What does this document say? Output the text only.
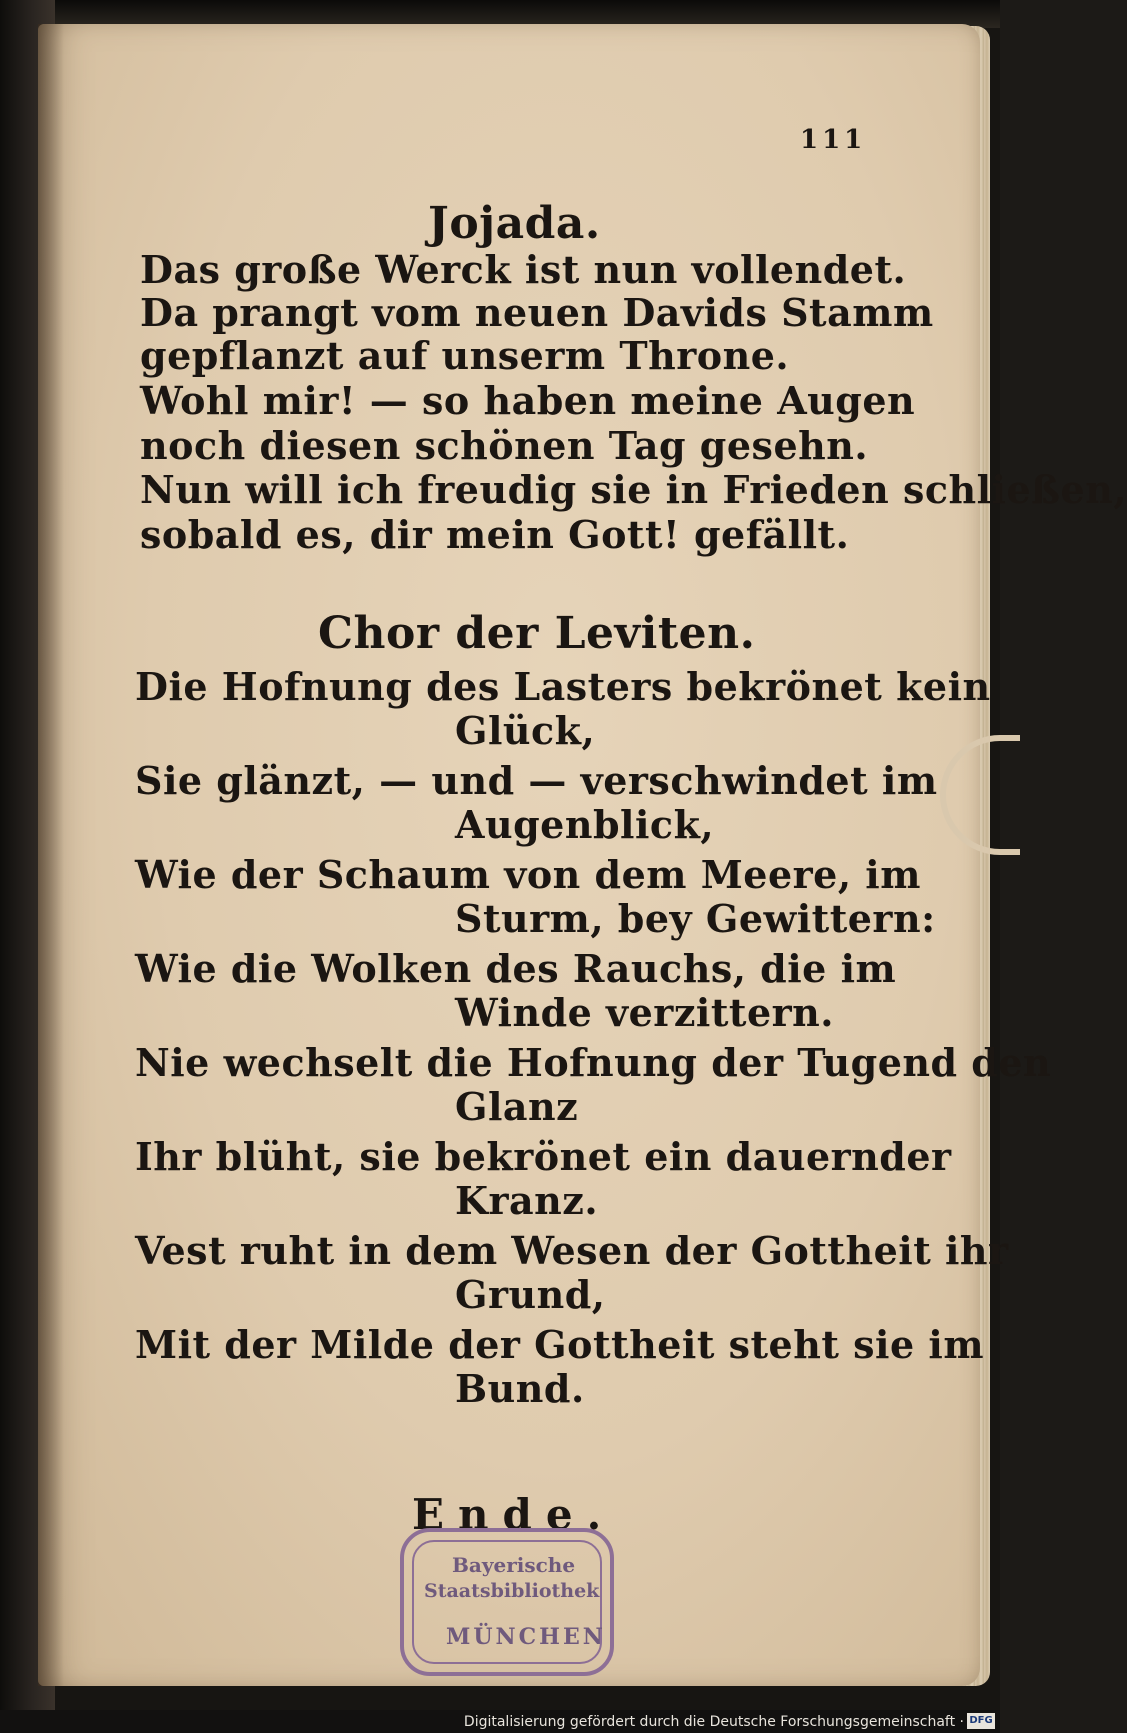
111
Jojada.
Das große Werck ist nun vollendet.
Da prangt vom neuen Davids Stamm
gepflanzt auf unserm Throne.
Wohl mir! — so haben meine Augen
noch diesen schönen Tag gesehn.
Nun will ich freudig sie in Frieden schließen,
sobald es, dir mein Gott! gefällt.
Chor der Leviten.
Die Hofnung des Lasters bekrönet kein
Glück,
Sie glänzt, — und — verschwindet im
Augenblick,
Wie der Schaum von dem Meere, im
Sturm, bey Gewittern:
Wie die Wolken des Rauchs, die im
Winde verzittern.
Nie wechselt die Hofnung der Tugend den
Glanz
Ihr blüht, sie bekrönet ein dauernder
Kranz.
Vest ruht in dem Wesen der Gottheit ihr
Grund,
Mit der Milde der Gottheit steht sie im
Bund.
Ende.
Bayerische
Staatsbibliothek
MÜNCHEN
Digitalisierung gefördert durch die Deutsche Forschungsgemeinschaft · DFG
